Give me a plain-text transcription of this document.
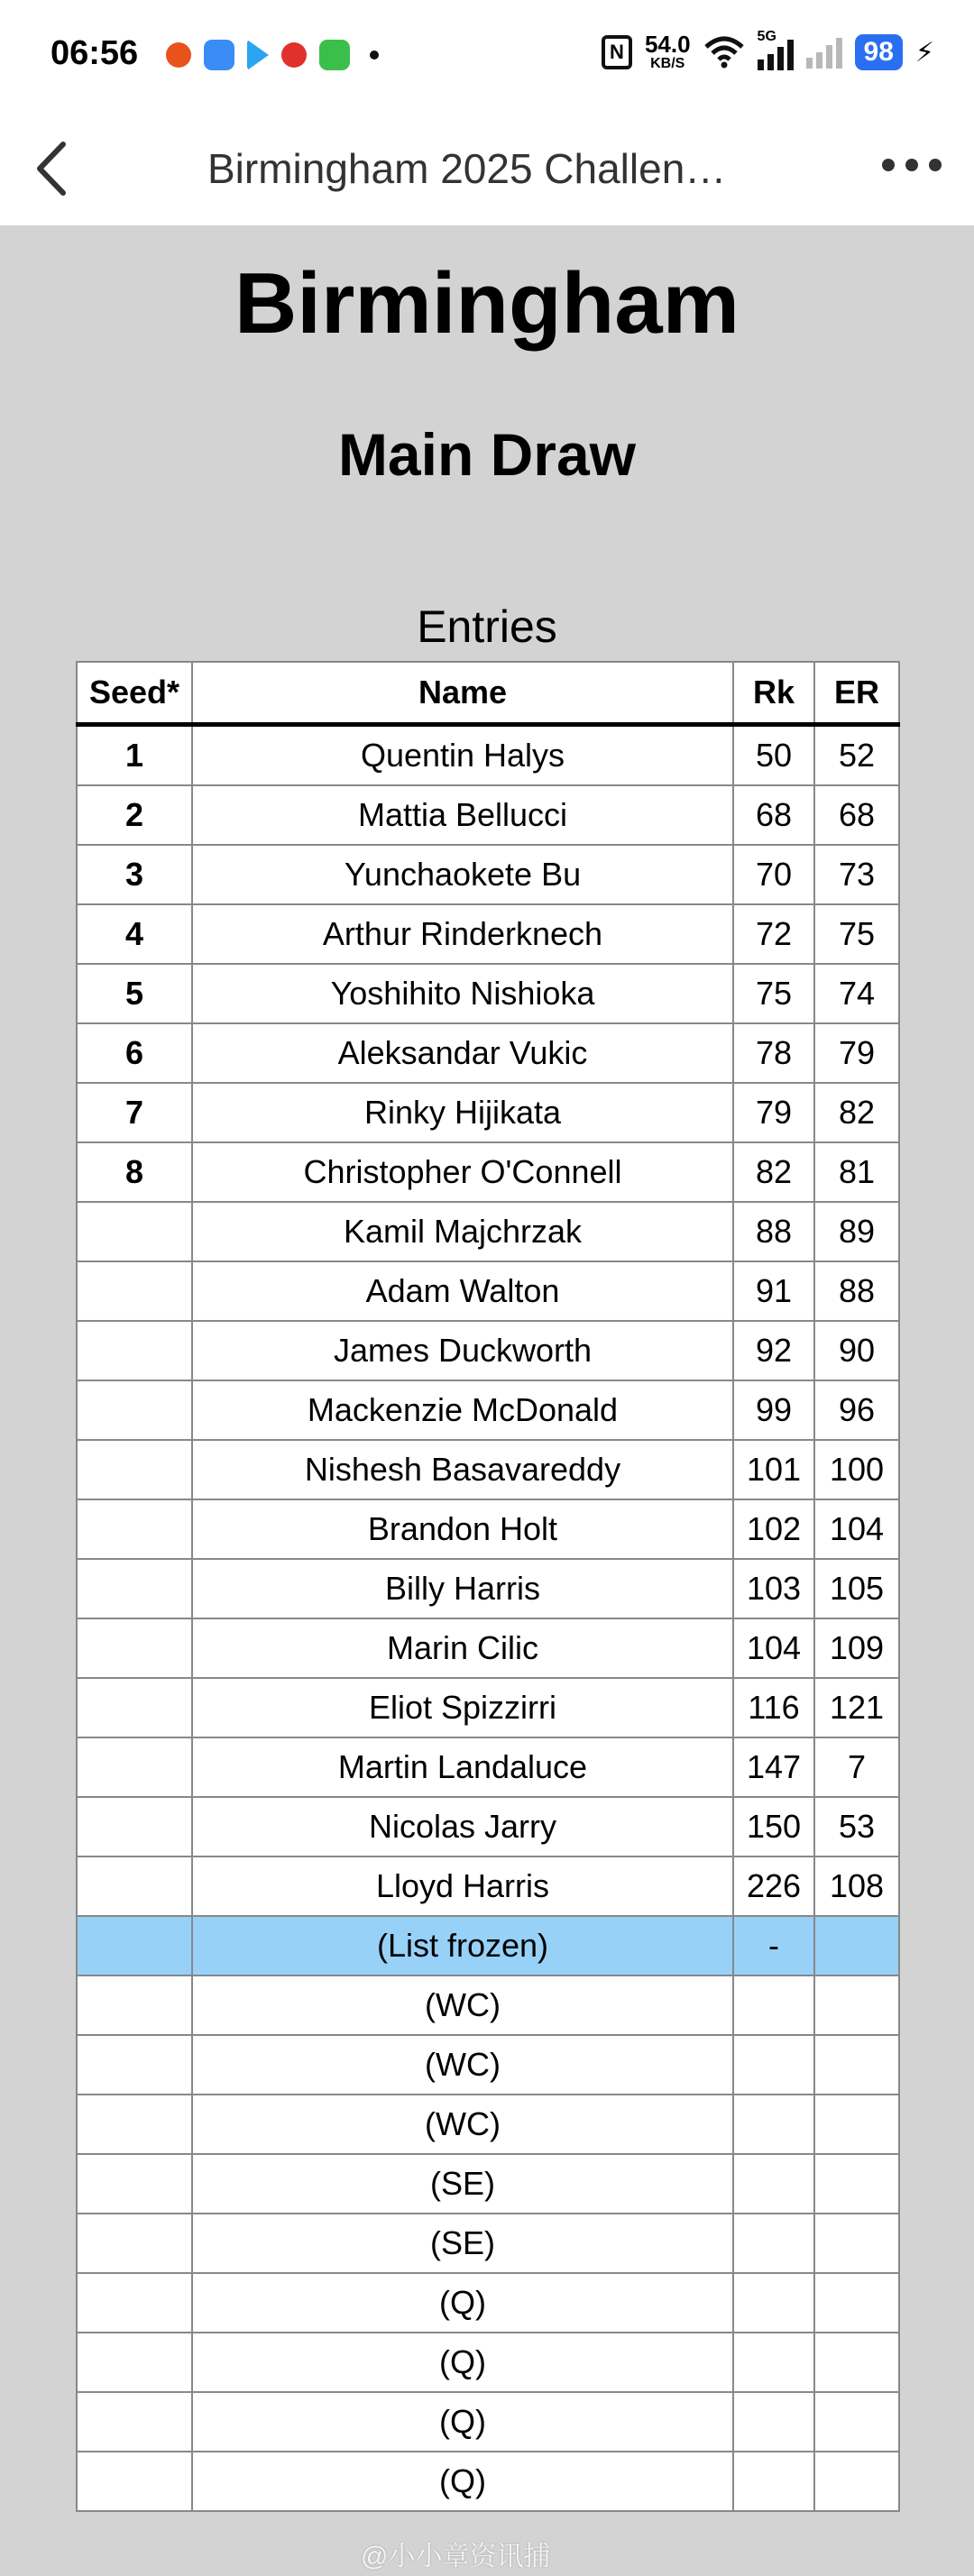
06:56	N 54.0
KB/S
5G
98 ⚡
Birmingham 2025 Challen…
Birmingham
Main Draw
Entries
Seed*	Name	Rk	ER
1	Quentin Halys	50	52
2	Mattia Bellucci	68	68
3	Yunchaokete Bu	70	73
4	Arthur Rinderknech	72	75
5	Yoshihito Nishioka	75	74
6	Aleksandar Vukic	78	79
7	Rinky Hijikata	79	82
8	Christopher O'Connell	82	81
	Kamil Majchrzak	88	89
	Adam Walton	91	88
	James Duckworth	92	90
	Mackenzie McDonald	99	96
	Nishesh Basavareddy	101	100
	Brandon Holt	102	104
	Billy Harris	103	105
	Marin Cilic	104	109
	Eliot Spizzirri	116	121
	Martin Landaluce	147	7
	Nicolas Jarry	150	53
	Lloyd Harris	226	108
	(List frozen)	-	
	(WC)		
	(WC)		
	(WC)		
	(SE)		
	(SE)		
	(Q)		
	(Q)		
	(Q)		
	(Q)		
@小小章资讯捕
